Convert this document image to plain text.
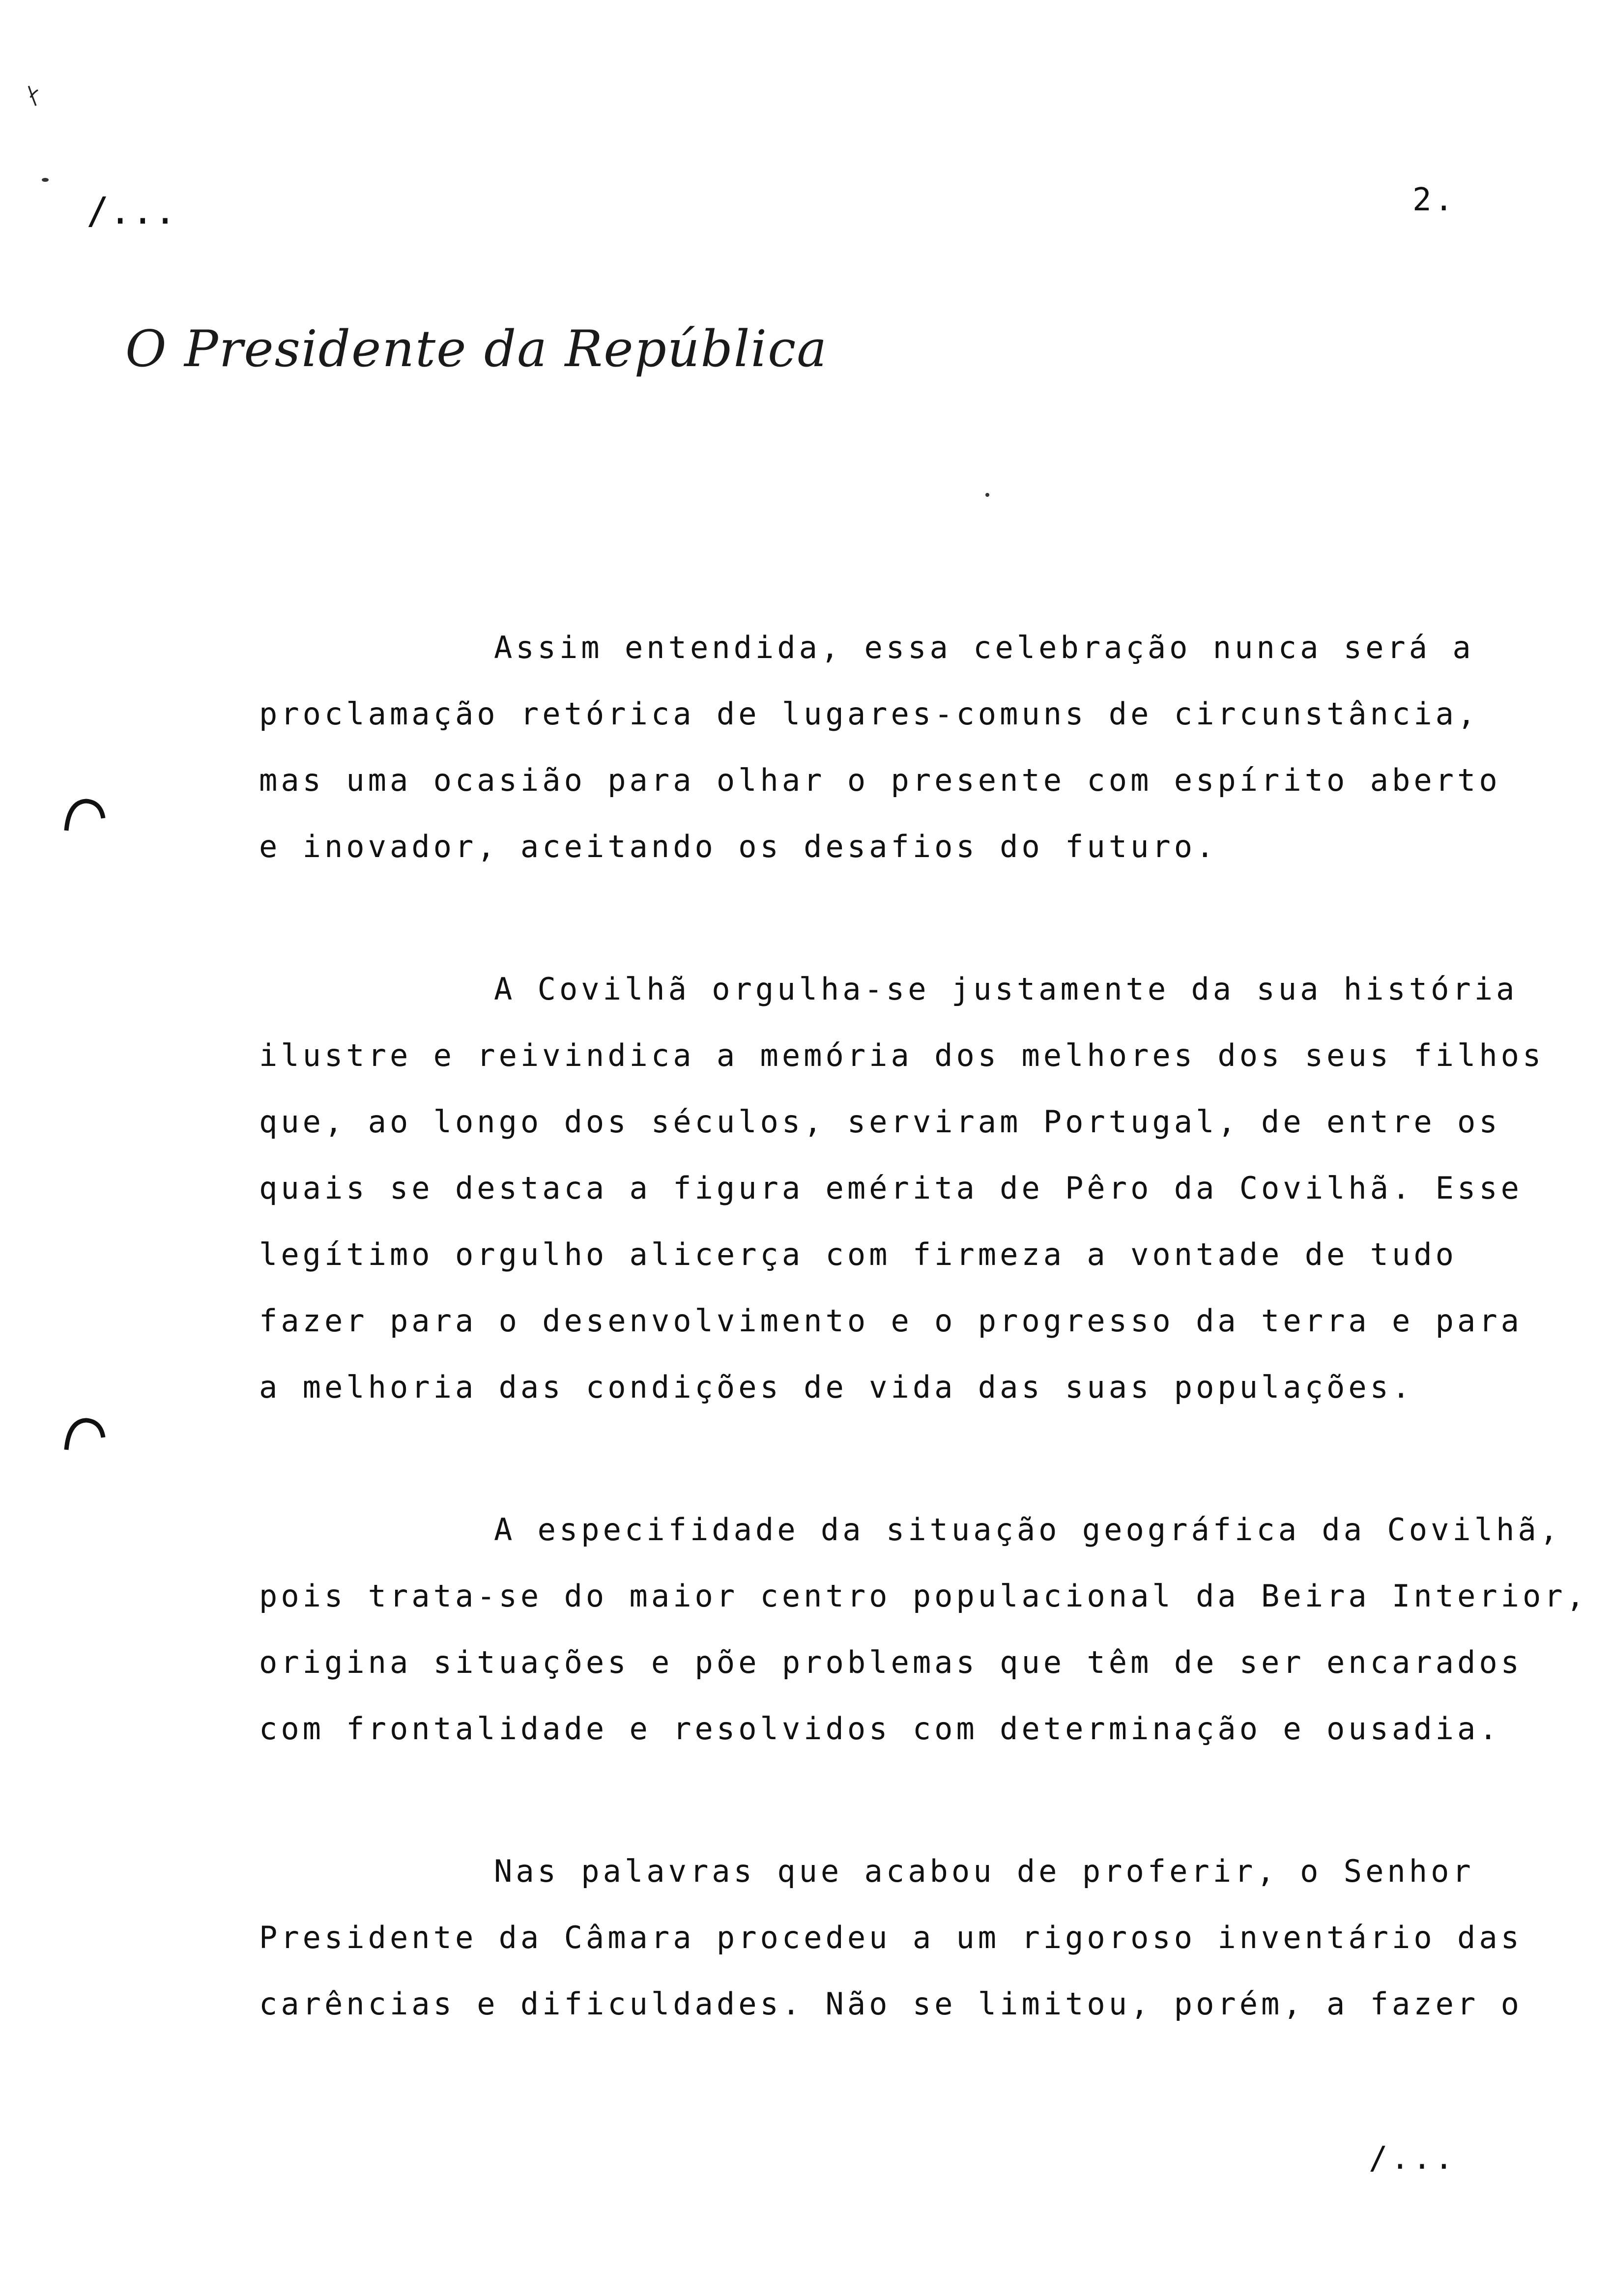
/...	2.
O Presidente da República
Assim entendida, essa celebração nunca será a
proclamação retórica de lugares-comuns de circunstância,
mas uma ocasião para olhar o presente com espírito aberto
e inovador, aceitando os desafios do futuro.
A Covilhã orgulha-se justamente da sua história
ilustre e reivindica a memória dos melhores dos seus filhos
que, ao longo dos séculos, serviram Portugal, de entre os
quais se destaca a figura emérita de Pêro da Covilhã. Esse
legítimo orgulho alicerça com firmeza a vontade de tudo
fazer para o desenvolvimento e o progresso da terra e para
a melhoria das condições de vida das suas populações.
A especifidade da situação geográfica da Covilhã,
pois trata-se do maior centro populacional da Beira Interior,
origina situações e põe problemas que têm de ser encarados
com frontalidade e resolvidos com determinação e ousadia.
Nas palavras que acabou de proferir, o Senhor
Presidente da Câmara procedeu a um rigoroso inventário das
carências e dificuldades. Não se limitou, porém, a fazer o
/...
